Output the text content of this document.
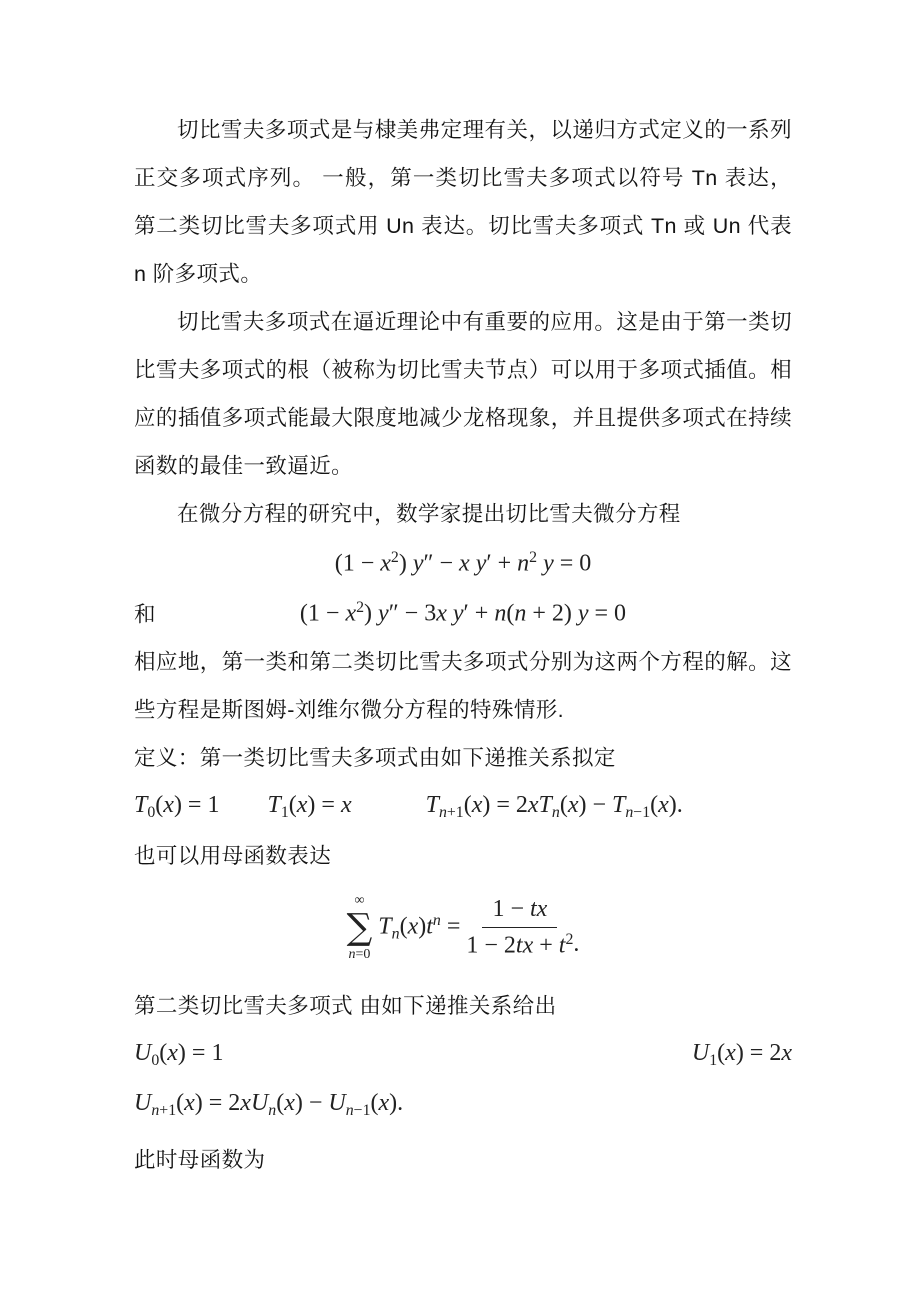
切比雪夫多项式是与棣美弗定理有关，以递归方式定义的一系列正交多项式序列。 一般，第一类切比雪夫多项式以符号 Tn 表达，第二类切比雪夫多项式用 Un 表达。切比雪夫多项式 Tn 或 Un 代表 n 阶多项式。

切比雪夫多项式在逼近理论中有重要的应用。这是由于第一类切比雪夫多项式的根（被称为切比雪夫节点）可以用于多项式插值。相应的插值多项式能最大限度地减少龙格现象，并且提供多项式在持续函数的最佳一致逼近。

在微分方程的研究中，数学家提出切比雪夫微分方程

$(1 - x^2)$ y″ − x $y' + n^2$ y = 0
和	$(1 - x^2)$ y″ − 3x y′ + n(n + 2) y = 0

相应地，第一类和第二类切比雪夫多项式分别为这两个方程的解。这些方程是斯图姆-刘维尔微分方程的特殊情形.

定义：第一类切比雪夫多项式由如下递推关系拟定

T0(x) = 1 T1(x) = x	Tn+1(x) = 2xTn(x) − Tn−1(x).

也可以用母函数表达

∞
∑
n=0
$Tn(x)t^n = \frac{1 - tx}{1 - 2tx + t^2}$ .

第二类切比雪夫多项式 由如下递推关系给出

U0(x) = 1	U1(x) = 2x
Un+1(x) = 2xUn(x) − Un−1(x).

此时母函数为
